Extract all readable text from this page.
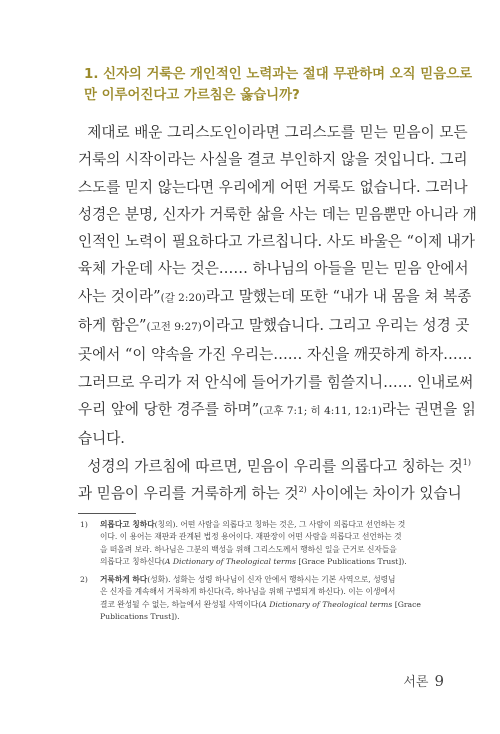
1. 신자의 거룩은 개인적인 노력과는 절대 무관하며 오직 믿음으로
만 이루어진다고 가르침은 옳습니까?
제대로 배운 그리스도인이라면 그리스도를 믿는 믿음이 모든
거룩의 시작이라는 사실을 결코 부인하지 않을 것입니다. 그리
스도를 믿지 않는다면 우리에게 어떤 거룩도 없습니다. 그러나
성경은 분명, 신자가 거룩한 삶을 사는 데는 믿음뿐만 아니라 개
인적인 노력이 필요하다고 가르칩니다. 사도 바울은 “이제 내가
육체 가운데 사는 것은…… 하나님의 아들을 믿는 믿음 안에서
사는 것이라”(갈 2:20)라고 말했는데 또한 “내가 내 몸을 쳐 복종
하게 함은”(고전 9:27)이라고 말했습니다. 그리고 우리는 성경 곳
곳에서 “이 약속을 가진 우리는…… 자신을 깨끗하게 하자……
그러므로 우리가 저 안식에 들어가기를 힘쓸지니…… 인내로써
우리 앞에 당한 경주를 하며”(고후 7:1; 히 4:11, 12:1)라는 권면을 읽
습니다.
성경의 가르침에 따르면, 믿음이 우리를 의롭다고 칭하는 것$^{1)}$
과 믿음이 우리를 거룩하게 하는 것$^{2)}$ 사이에는 차이가 있습니
1) 의롭다고 칭하다(칭의). 어떤 사람을 의롭다고 칭하는 것은, 그 사람이 의롭다고 선언하는 것
이다. 이 용어는 재판과 관계된 법정 용어이다. 재판장이 어떤 사람을 의롭다고 선언하는 것
을 떠올려 보라. 하나님은 그분의 백성을 위해 그리스도께서 행하신 일을 근거로 신자들을
의롭다고 칭하신다(A Dictionary of Theological terms [Grace Publications Trust]).
2) 거룩하게 하다(성화). 성화는 성령 하나님이 신자 안에서 행하시는 기본 사역으로, 성령님
은 신자를 계속해서 거룩하게 하신다(즉, 하나님을 위해 구별되게 하신다). 이는 이생에서
결코 완성될 수 없는, 하늘에서 완성될 사역이다(A Dictionary of Theological terms [Grace
Publications Trust]).
서론 9
